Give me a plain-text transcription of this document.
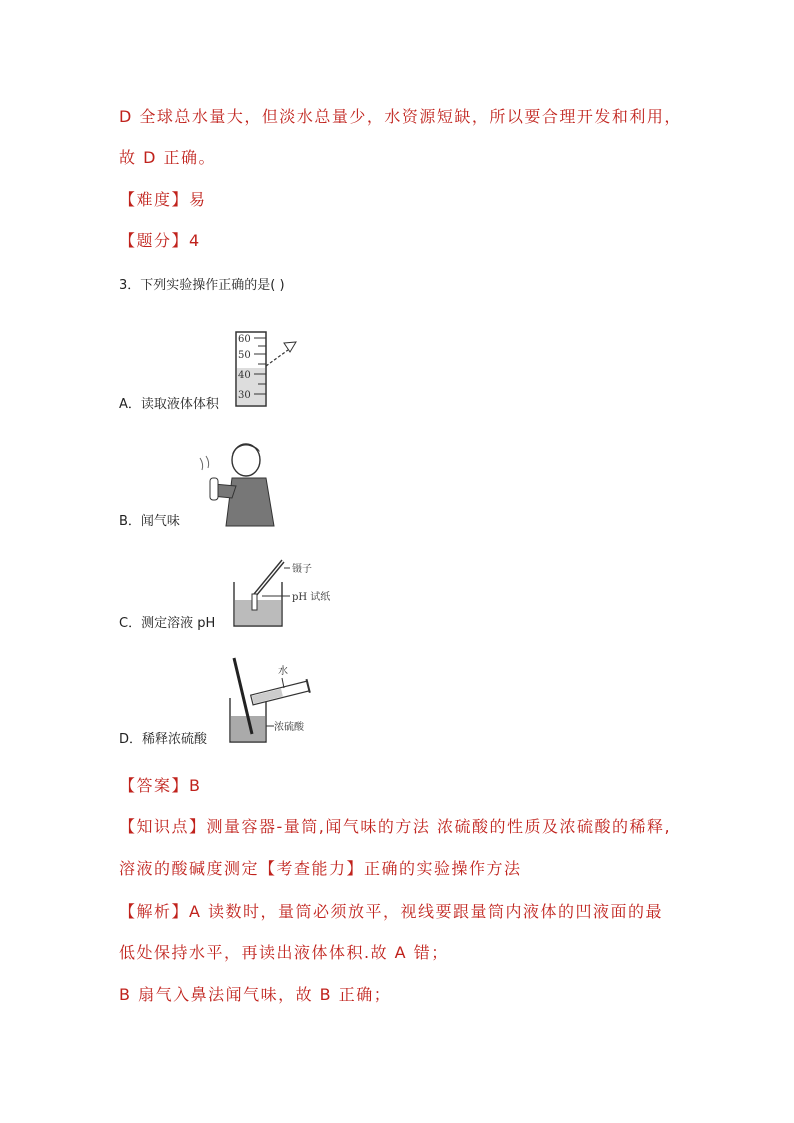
D 全球总水量大，但淡水总量少，水资源短缺，所以要合理开发和利用，
故 D 正确。
【难度】易
【题分】4
3．下列实验操作正确的是( )
60
50
40
30
A．读取液体体积
B．闻气味
镊子
pH 试纸
C．测定溶液 pH
水
浓硫酸
D．稀释浓硫酸
【答案】B
【知识点】测量容器-量筒,闻气味的方法 浓硫酸的性质及浓硫酸的稀释,
溶液的酸碱度测定【考查能力】正确的实验操作方法
【解析】A 读数时，量筒必须放平，视线要跟量筒内液体的凹液面的最
低处保持水平，再读出液体体积.故 A 错；
B 扇气入鼻法闻气味，故 B 正确；
